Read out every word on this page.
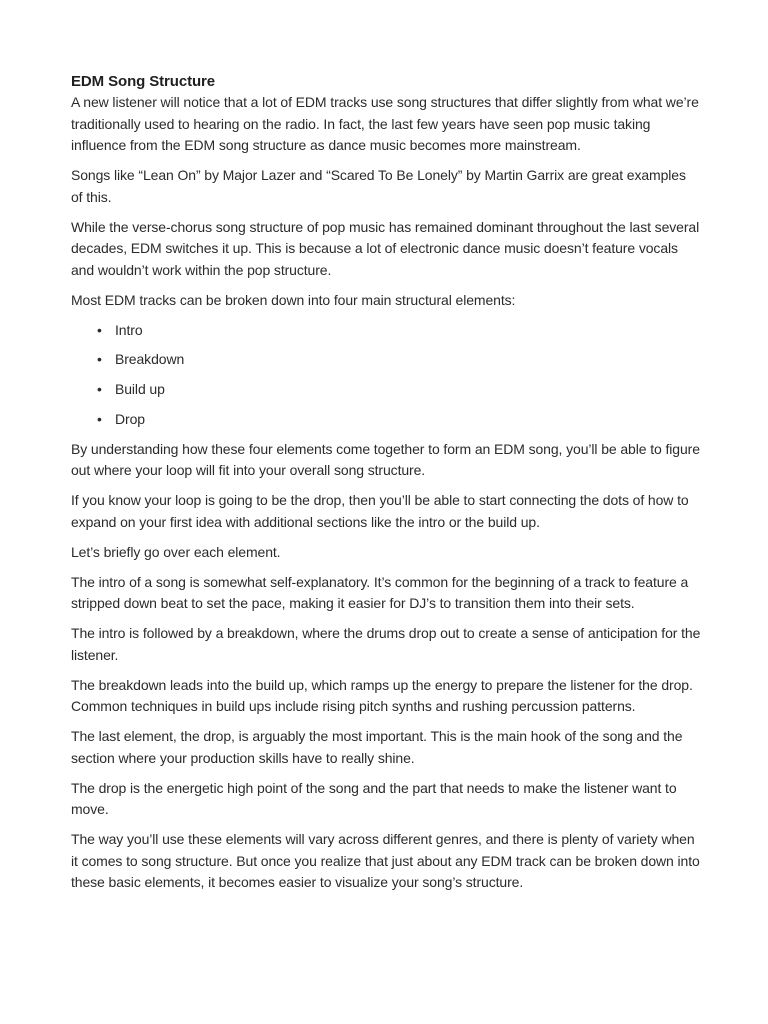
EDM Song Structure

A new listener will notice that a lot of EDM tracks use song structures that differ slightly from what we’re traditionally used to hearing on the radio. In fact, the last few years have seen pop music taking influence from the EDM song structure as dance music becomes more mainstream.

Songs like “Lean On” by Major Lazer and “Scared To Be Lonely” by Martin Garrix are great examples of this.

While the verse-chorus song structure of pop music has remained dominant throughout the last several decades, EDM switches it up. This is because a lot of electronic dance music doesn’t feature vocals and wouldn’t work within the pop structure.

Most EDM tracks can be broken down into four main structural elements:

• Intro
• Breakdown
• Build up
• Drop

By understanding how these four elements come together to form an EDM song, you’ll be able to figure out where your loop will fit into your overall song structure.

If you know your loop is going to be the drop, then you’ll be able to start connecting the dots of how to expand on your first idea with additional sections like the intro or the build up.

Let’s briefly go over each element.

The intro of a song is somewhat self-explanatory. It’s common for the beginning of a track to feature a stripped down beat to set the pace, making it easier for DJ’s to transition them into their sets.

The intro is followed by a breakdown, where the drums drop out to create a sense of anticipation for the listener.

The breakdown leads into the build up, which ramps up the energy to prepare the listener for the drop. Common techniques in build ups include rising pitch synths and rushing percussion patterns.

The last element, the drop, is arguably the most important. This is the main hook of the song and the section where your production skills have to really shine.

The drop is the energetic high point of the song and the part that needs to make the listener want to move.

The way you’ll use these elements will vary across different genres, and there is plenty of variety when it comes to song structure. But once you realize that just about any EDM track can be broken down into these basic elements, it becomes easier to visualize your song’s structure.
